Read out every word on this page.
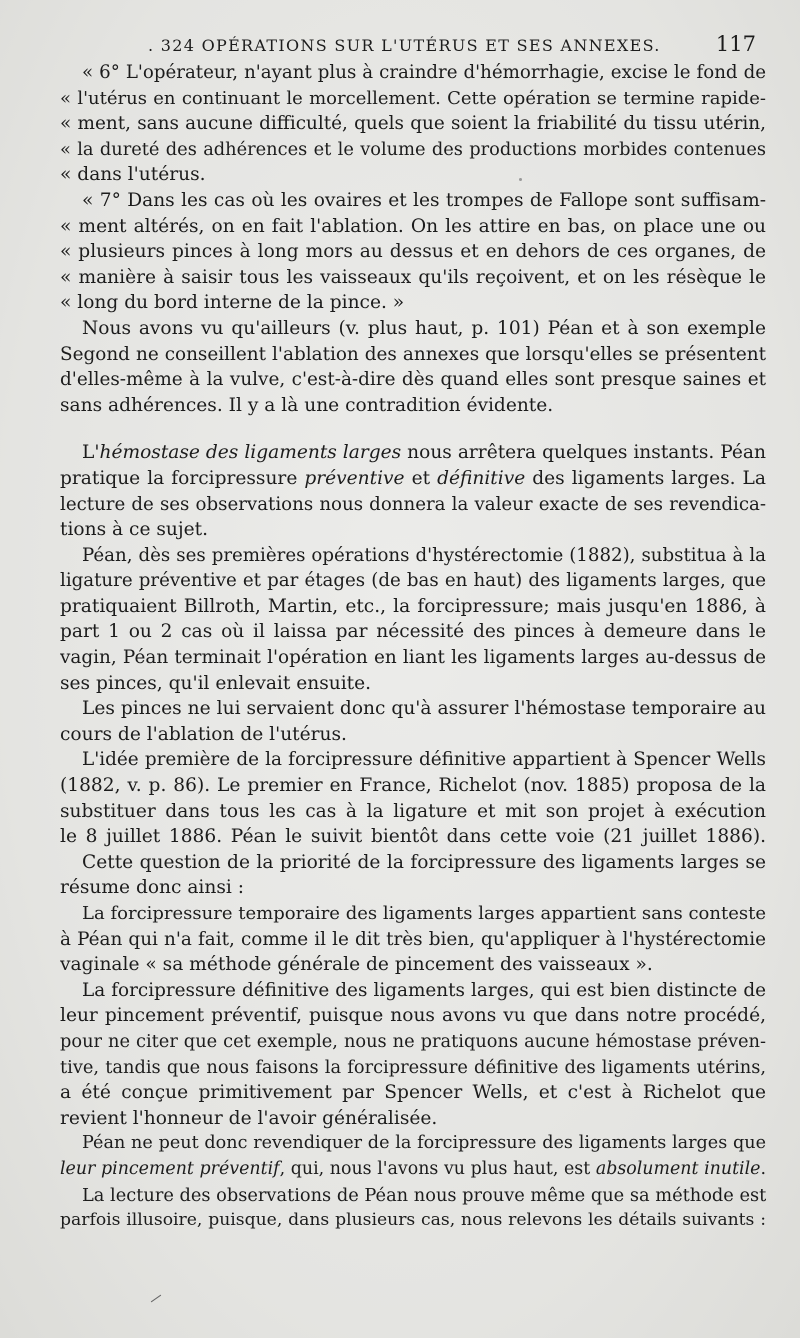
. 324 OPÉRATIONS SUR L'UTÉRUS ET SES ANNEXES.	117
« 6° L'opérateur, n'ayant plus à craindre d'hémorrhagie, excise le fond de
« l'utérus en continuant le morcellement. Cette opération se termine rapide-
« ment, sans aucune difficulté, quels que soient la friabilité du tissu utérin,
« la dureté des adhérences et le volume des productions morbides contenues
« dans l'utérus.
« 7° Dans les cas où les ovaires et les trompes de Fallope sont suffisam-
« ment altérés, on en fait l'ablation. On les attire en bas, on place une ou
« plusieurs pinces à long mors au dessus et en dehors de ces organes, de
« manière à saisir tous les vaisseaux qu'ils reçoivent, et on les résèque le
« long du bord interne de la pince. »
Nous avons vu qu'ailleurs (v. plus haut, p. 101) Péan et à son exemple
Segond ne conseillent l'ablation des annexes que lorsqu'elles se présentent
d'elles-même à la vulve, c'est-à-dire dès quand elles sont presque saines et
sans adhérences. Il y a là une contradition évidente.
L'hémostase des ligaments larges nous arrêtera quelques instants. Péan
pratique la forcipressure préventive et définitive des ligaments larges. La
lecture de ses observations nous donnera la valeur exacte de ses revendica-
tions à ce sujet.
Péan, dès ses premières opérations d'hystérectomie (1882), substitua à la
ligature préventive et par étages (de bas en haut) des ligaments larges, que
pratiquaient Billroth, Martin, etc., la forcipressure; mais jusqu'en 1886, à
part 1 ou 2 cas où il laissa par nécessité des pinces à demeure dans le
vagin, Péan terminait l'opération en liant les ligaments larges au-dessus de
ses pinces, qu'il enlevait ensuite.
Les pinces ne lui servaient donc qu'à assurer l'hémostase temporaire au
cours de l'ablation de l'utérus.
L'idée première de la forcipressure définitive appartient à Spencer Wells
(1882, v. p. 86). Le premier en France, Richelot (nov. 1885) proposa de la
substituer dans tous les cas à la ligature et mit son projet à exécution
le 8 juillet 1886. Péan le suivit bientôt dans cette voie (21 juillet 1886).
Cette question de la priorité de la forcipressure des ligaments larges se
résume donc ainsi :
La forcipressure temporaire des ligaments larges appartient sans conteste
à Péan qui n'a fait, comme il le dit très bien, qu'appliquer à l'hystérectomie
vaginale « sa méthode générale de pincement des vaisseaux ».
La forcipressure définitive des ligaments larges, qui est bien distincte de
leur pincement préventif, puisque nous avons vu que dans notre procédé,
pour ne citer que cet exemple, nous ne pratiquons aucune hémostase préven-
tive, tandis que nous faisons la forcipressure définitive des ligaments utérins,
a été conçue primitivement par Spencer Wells, et c'est à Richelot que
revient l'honneur de l'avoir généralisée.
Péan ne peut donc revendiquer de la forcipressure des ligaments larges que
leur pincement préventif, qui, nous l'avons vu plus haut, est absolument inutile.
La lecture des observations de Péan nous prouve même que sa méthode est
parfois illusoire, puisque, dans plusieurs cas, nous relevons les détails suivants :
